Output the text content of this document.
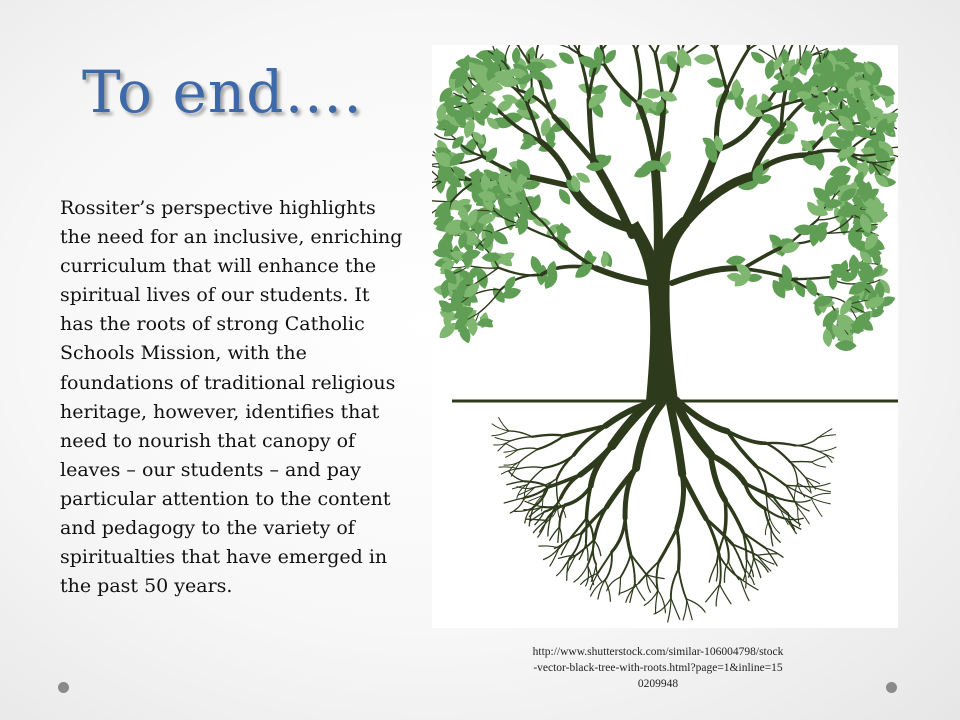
To end….

Rossiter’s perspective highlights the need for an inclusive, enriching curriculum that will enhance the spiritual lives of our students. It has the roots of strong Catholic Schools Mission, with the foundations of traditional religious heritage, however, identifies that need to nourish that canopy of leaves – our students – and pay particular attention to the content and pedagogy to the variety of spiritualties that have emerged in the past 50 years.

http://www.shutterstock.com/similar-106004798/stock-vector-black-tree-with-roots.html?page=1&inline=150209948
